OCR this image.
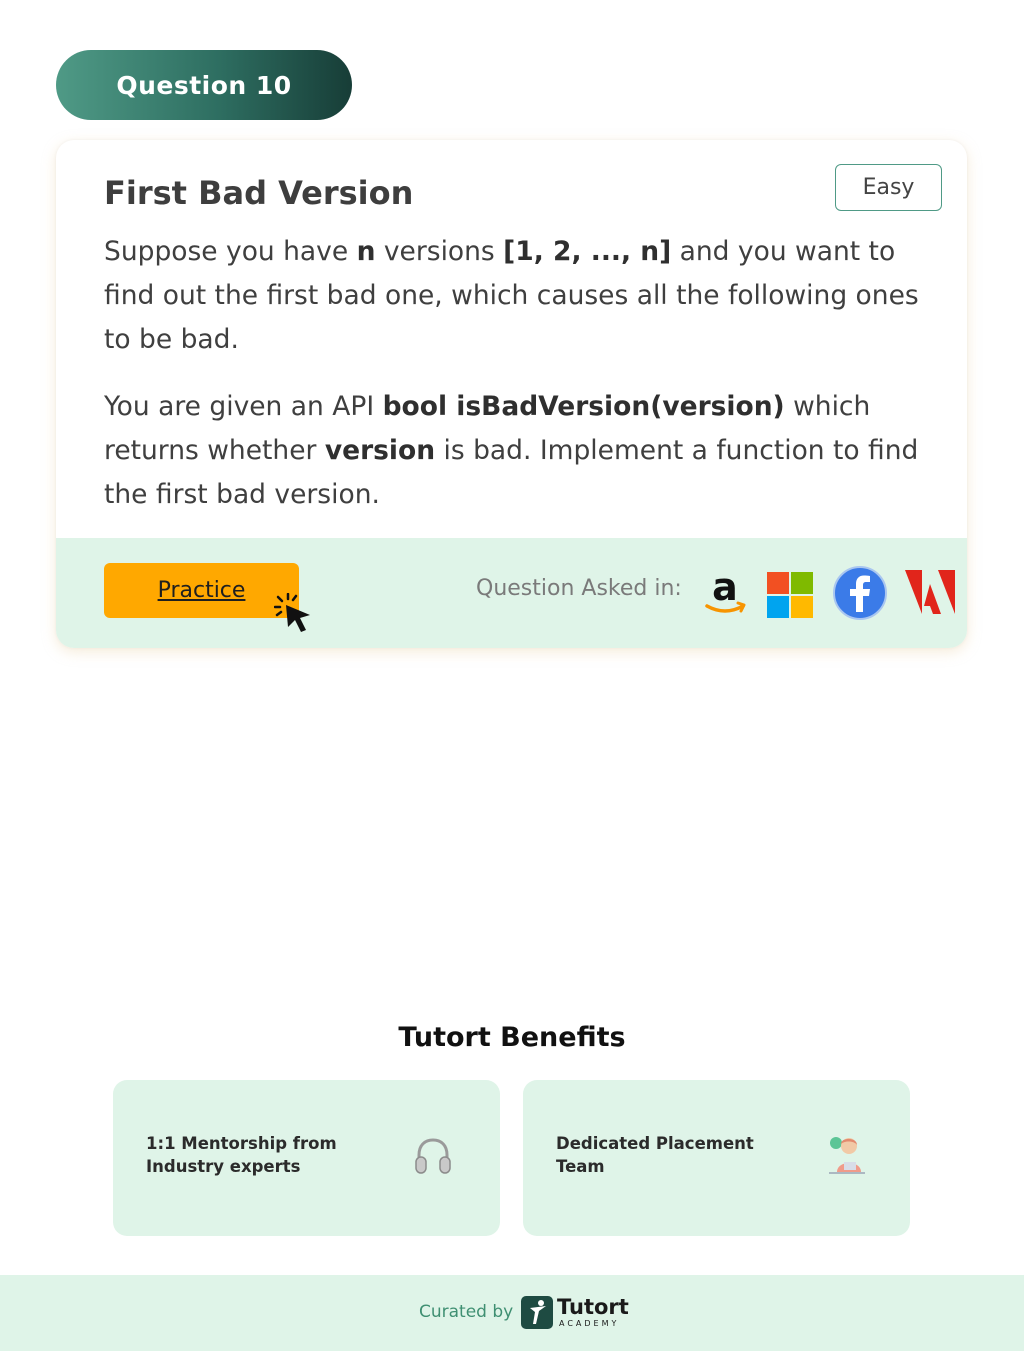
Question 10
First Bad Version	Easy
Suppose you have n versions [1, 2, ..., n] and you want to find out the first bad one, which causes all the following ones to be bad.
You are given an API bool isBadVersion(version) which returns whether version is bad. Implement a function to find the first bad version.
Practice	Question Asked in: a
Tutort Benefits
1:1 Mentorship from Industry experts
Dedicated Placement Team
Curated by Tutort
ACADEMY
